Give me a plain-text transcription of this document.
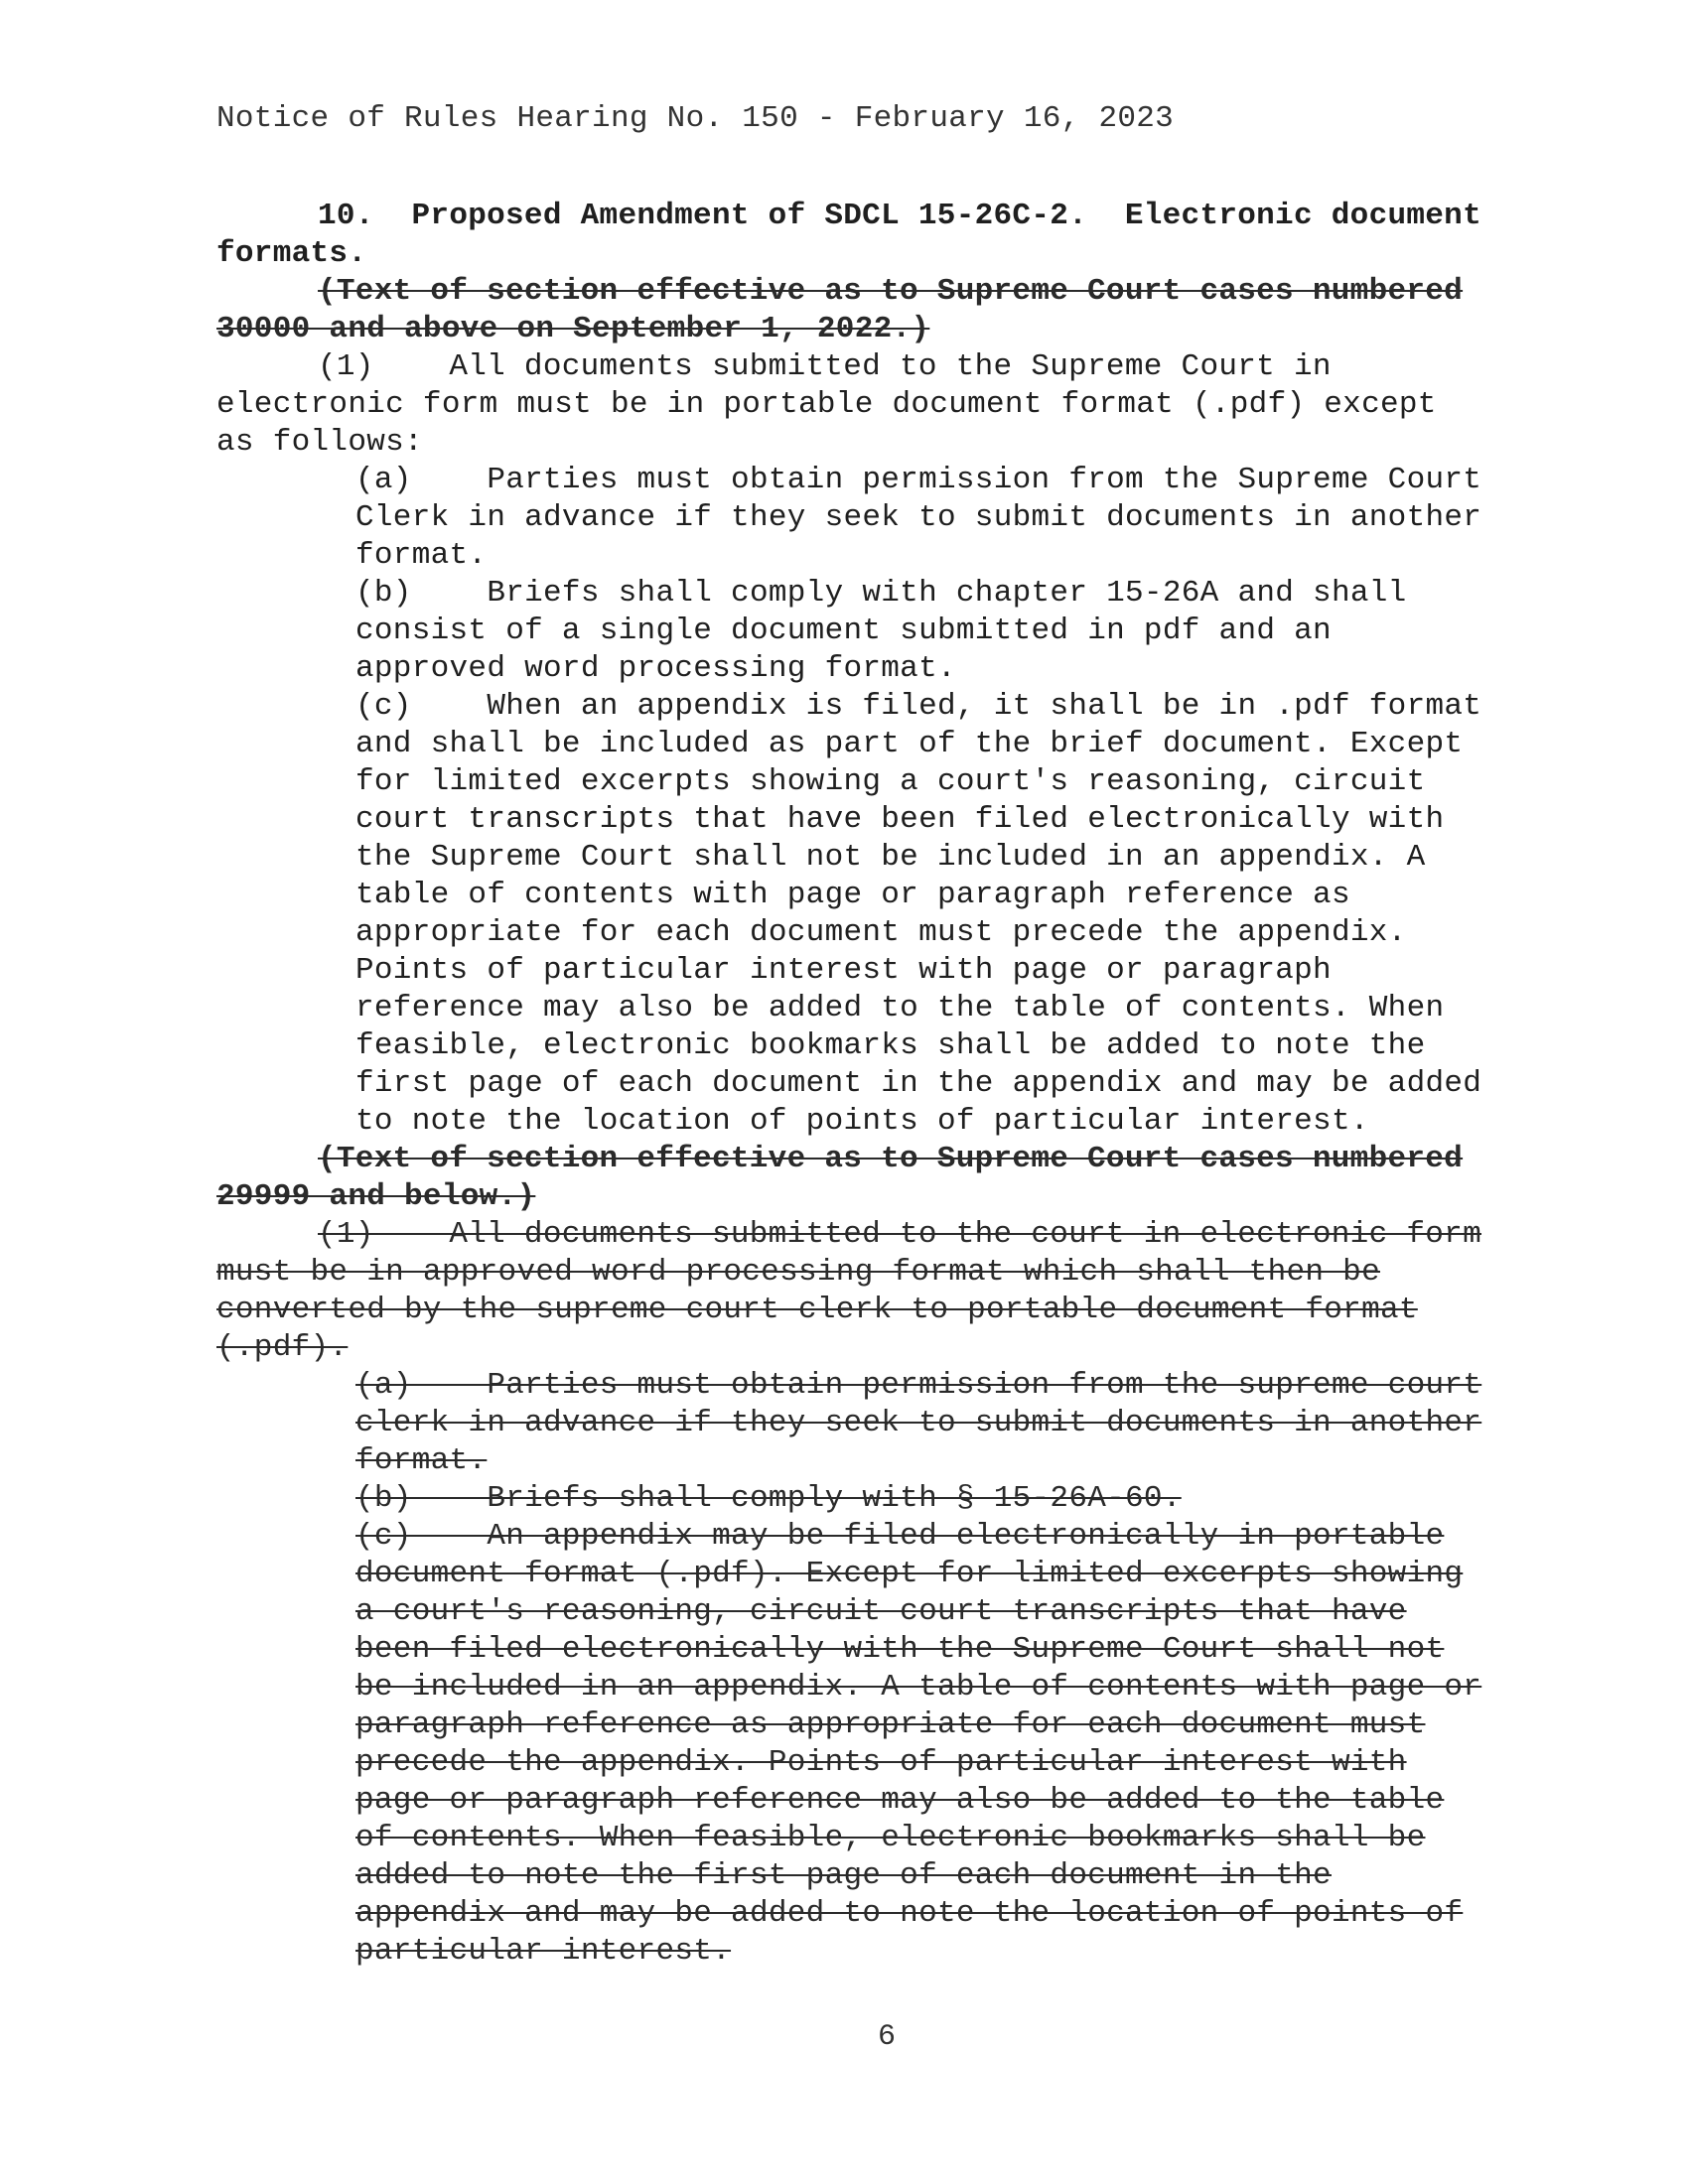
Notice of Rules Hearing No. 150 - February 16, 2023
10.  Proposed Amendment of SDCL 15-26C-2.  Electronic document
formats.
(Text of section effective as to Supreme Court cases numbered
30000 and above on September 1, 2022.)
(1)    All documents submitted to the Supreme Court in
electronic form must be in portable document format (.pdf) except
as follows:
(a)    Parties must obtain permission from the Supreme Court
Clerk in advance if they seek to submit documents in another
format.
(b)    Briefs shall comply with chapter 15-26A and shall
consist of a single document submitted in pdf and an
approved word processing format.
(c)    When an appendix is filed, it shall be in .pdf format
and shall be included as part of the brief document. Except
for limited excerpts showing a court's reasoning, circuit
court transcripts that have been filed electronically with
the Supreme Court shall not be included in an appendix. A
table of contents with page or paragraph reference as
appropriate for each document must precede the appendix.
Points of particular interest with page or paragraph
reference may also be added to the table of contents. When
feasible, electronic bookmarks shall be added to note the
first page of each document in the appendix and may be added
to note the location of points of particular interest.
(Text of section effective as to Supreme Court cases numbered
29999 and below.)
(1)    All documents submitted to the court in electronic form
must be in approved word processing format which shall then be
converted by the supreme court clerk to portable document format
(.pdf).
(a)    Parties must obtain permission from the supreme court
clerk in advance if they seek to submit documents in another
format.
(b)    Briefs shall comply with § 15-26A-60.
(c)    An appendix may be filed electronically in portable
document format (.pdf). Except for limited excerpts showing
a court's reasoning, circuit court transcripts that have
been filed electronically with the Supreme Court shall not
be included in an appendix. A table of contents with page or
paragraph reference as appropriate for each document must
precede the appendix. Points of particular interest with
page or paragraph reference may also be added to the table
of contents. When feasible, electronic bookmarks shall be
added to note the first page of each document in the
appendix and may be added to note the location of points of
particular interest.
6
